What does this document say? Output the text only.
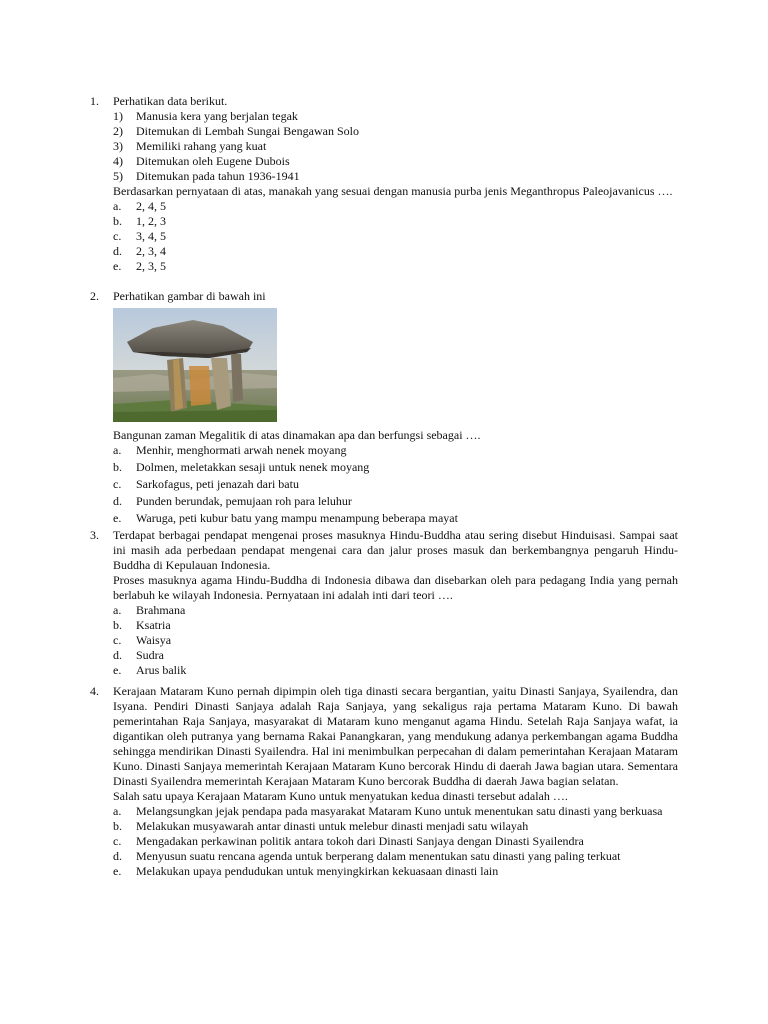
1.	Perhatikan data berikut.
1)	Manusia kera yang berjalan tegak
2)	Ditemukan di Lembah Sungai Bengawan Solo
3)	Memiliki rahang yang kuat
4)	Ditemukan oleh Eugene Dubois
5)	Ditemukan pada tahun 1936-1941
Berdasarkan pernyataan di atas, manakah yang sesuai dengan manusia purba jenis Meganthropus Paleojavanicus ….
a.	2, 4, 5
b.	1, 2, 3
c.	3, 4, 5
d.	2, 3, 4
e.	2, 3, 5
2.	Perhatikan gambar di bawah ini
Bangunan zaman Megalitik di atas dinamakan apa dan berfungsi sebagai ….
a.	Menhir, menghormati arwah nenek moyang
b.	Dolmen, meletakkan sesaji untuk nenek moyang
c.	Sarkofagus, peti jenazah dari batu
d.	Punden berundak, pemujaan roh para leluhur
e.	Waruga, peti kubur batu yang mampu menampung beberapa mayat
3.	Terdapat berbagai pendapat mengenai proses masuknya Hindu-Buddha atau sering disebut Hinduisasi. Sampai saat ini masih ada perbedaan pendapat mengenai cara dan jalur proses masuk dan berkembangnya pengaruh Hindu-Buddha di Kepulauan Indonesia.
Proses masuknya agama Hindu-Buddha di Indonesia dibawa dan disebarkan oleh para pedagang India yang pernah berlabuh ke wilayah Indonesia. Pernyataan ini adalah inti dari teori ….
a.	Brahmana
b.	Ksatria
c.	Waisya
d.	Sudra
e.	Arus balik
4.	Kerajaan Mataram Kuno pernah dipimpin oleh tiga dinasti secara bergantian, yaitu Dinasti Sanjaya, Syailendra, dan Isyana. Pendiri Dinasti Sanjaya adalah Raja Sanjaya, yang sekaligus raja pertama Mataram Kuno. Di bawah pemerintahan Raja Sanjaya, masyarakat di Mataram kuno menganut agama Hindu. Setelah Raja Sanjaya wafat, ia digantikan oleh putranya yang bernama Rakai Panangkaran, yang mendukung adanya perkembangan agama Buddha sehingga mendirikan Dinasti Syailendra. Hal ini menimbulkan perpecahan di dalam pemerintahan Kerajaan Mataram Kuno. Dinasti Sanjaya memerintah Kerajaan Mataram Kuno bercorak Hindu di daerah Jawa bagian utara. Sementara Dinasti Syailendra memerintah Kerajaan Mataram Kuno bercorak Buddha di daerah Jawa bagian selatan.
Salah satu upaya Kerajaan Mataram Kuno untuk menyatukan kedua dinasti tersebut adalah ….
a.	Melangsungkan jejak pendapa pada masyarakat Mataram Kuno untuk menentukan satu dinasti yang berkuasa
b.	Melakukan musyawarah antar dinasti untuk melebur dinasti menjadi satu wilayah
c.	Mengadakan perkawinan politik antara tokoh dari Dinasti Sanjaya dengan Dinasti Syailendra
d.	Menyusun suatu rencana agenda untuk berperang dalam menentukan satu dinasti yang paling terkuat
e.	Melakukan upaya pendudukan untuk menyingkirkan kekuasaan dinasti lain
